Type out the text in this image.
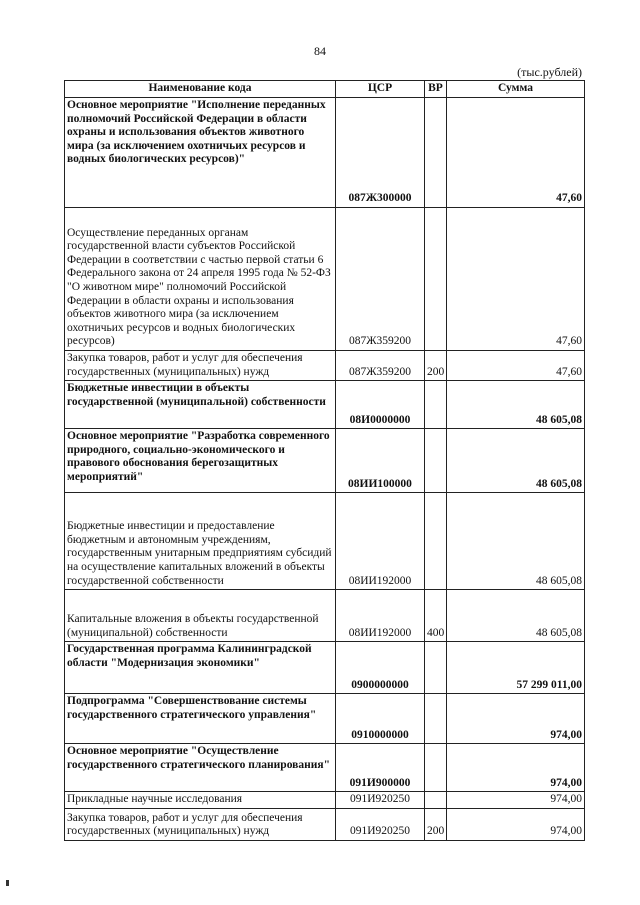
84
(тыс.рублей)
Наименование кода	ЦСР	ВР	Сумма
Основное мероприятие "Исполнение переданных полномочий Российской Федерации в области охраны и использования объектов животного мира (за исключением охотничьих ресурсов и водных биологических ресурсов)"	087Ж300000		47,60
Осуществление переданных органам государственной власти субъектов Российской Федерации в соответствии с частью первой статьи 6 Федерального закона от 24 апреля 1995 года № 52-ФЗ "О животном мире" полномочий Российской Федерации в области охраны и использования объектов животного мира (за исключением охотничьих ресурсов и водных биологических ресурсов)	087Ж359200		47,60
Закупка товаров, работ и услуг для обеспечения государственных (муниципальных) нужд	087Ж359200	200	47,60
Бюджетные инвестиции в объекты государственной (муниципальной) собственности	08И0000000		48 605,08
Основное мероприятие "Разработка современного природного, социально-экономического и правового обоснования берегозащитных мероприятий"	08ИИ100000		48 605,08
Бюджетные инвестиции и предоставление бюджетным и автономным учреждениям, государственным унитарным предприятиям субсидий на осуществление капитальных вложений в объекты государственной собственности	08ИИ192000		48 605,08
Капитальные вложения в объекты государственной (муниципальной) собственности	08ИИ192000	400	48 605,08
Государственная программа Калининградской области "Модернизация экономики"	0900000000		57 299 011,00
Подпрограмма "Совершенствование системы государственного стратегического управления"	0910000000		974,00
Основное мероприятие "Осуществление государственного стратегического планирования"	091И900000		974,00
Прикладные научные исследования	091И920250		974,00
Закупка товаров, работ и услуг для обеспечения государственных (муниципальных) нужд	091И920250	200	974,00
